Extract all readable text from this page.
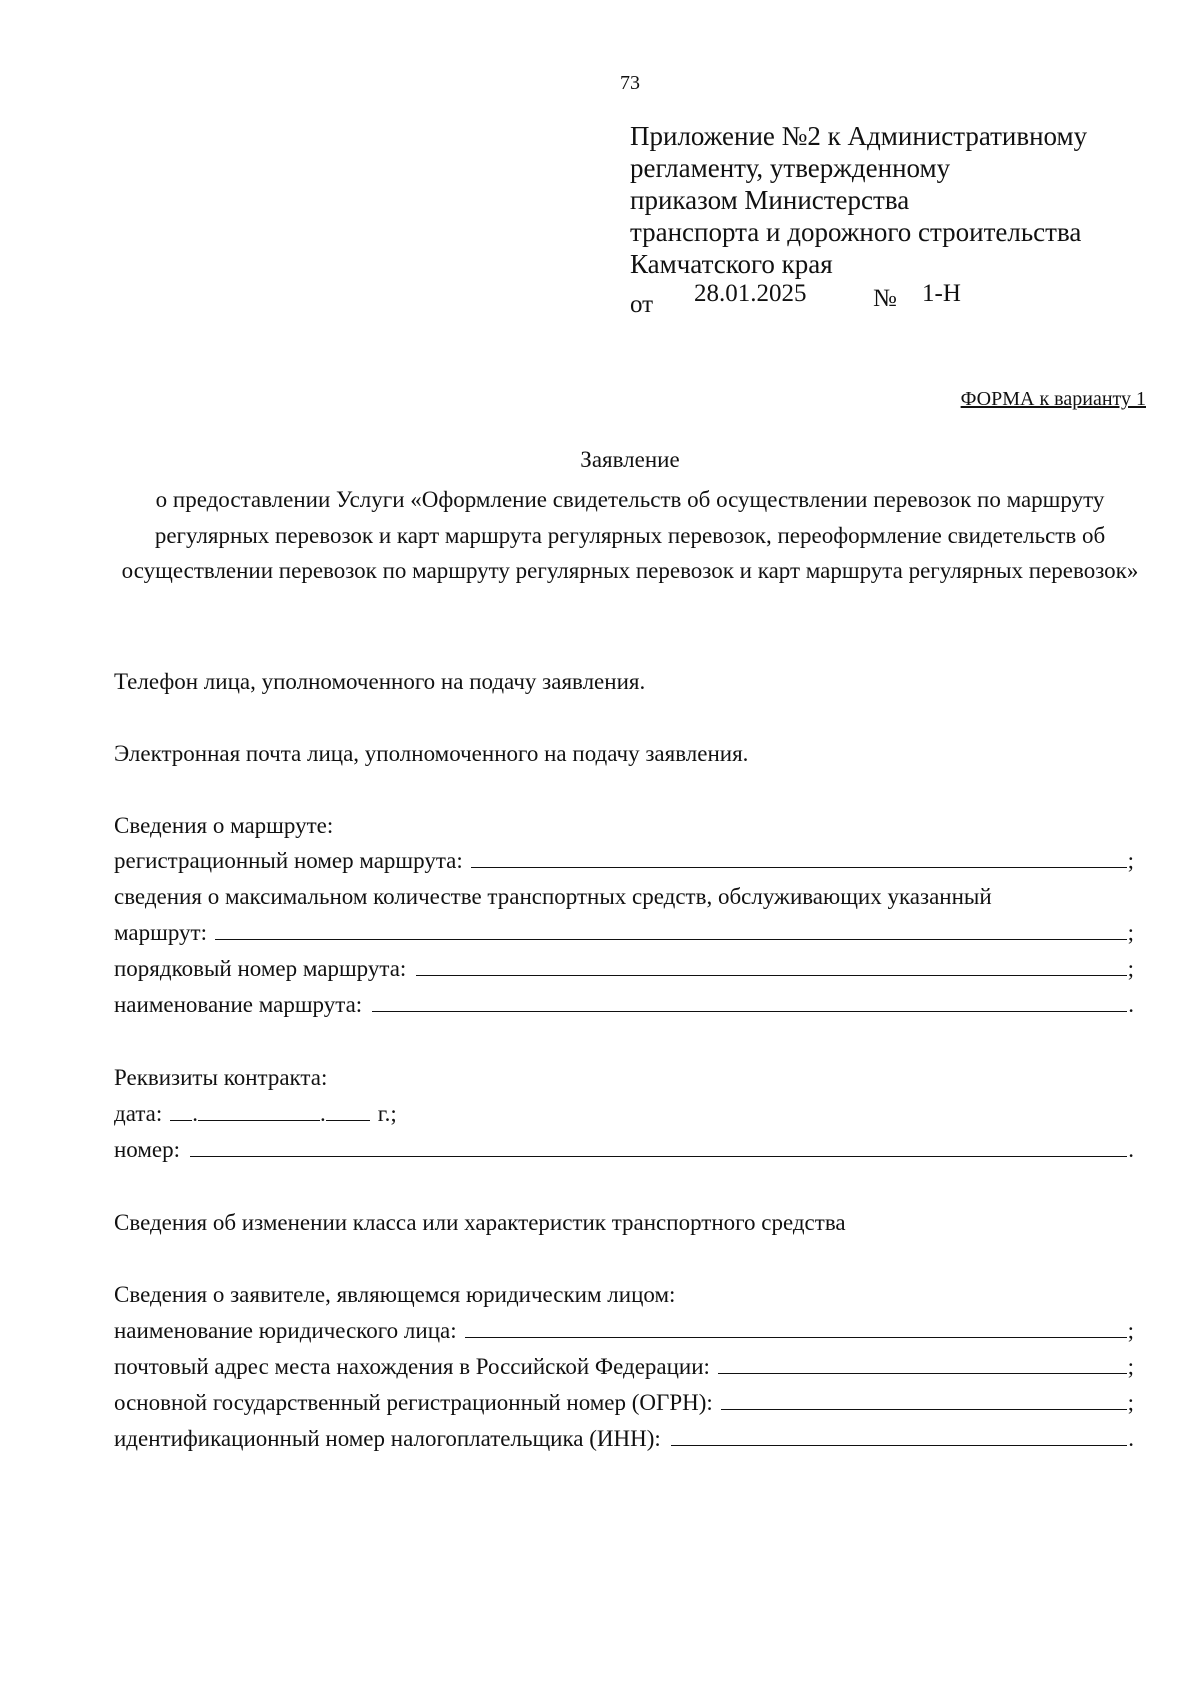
73
Приложение №2 к Административному
регламенту, утвержденному
приказом Министерства
транспорта и дорожного строительства
Камчатского края
от 28.01.2025	№ 1-Н
ФОРМА к варианту 1
Заявление
о предоставлении Услуги «Оформление свидетельств об осуществлении перевозок по маршруту регулярных перевозок и карт маршрута регулярных перевозок, переоформление свидетельств об осуществлении перевозок по маршруту регулярных перевозок и карт маршрута регулярных перевозок»
Телефон лица, уполномоченного на подачу заявления.
Электронная почта лица, уполномоченного на подачу заявления.
Сведения о маршруте:
регистрационный номер маршрута:	;
сведения о максимальном количестве транспортных средств, обслуживающих указанный
маршрут:	;
порядковый номер маршрута:	;
наименование маршрута:	.
Реквизиты контракта:
дата: .	. г.;
номер:	.
Сведения об изменении класса или характеристик транспортного средства
Сведения о заявителе, являющемся юридическим лицом:
наименование юридического лица:	;
почтовый адрес места нахождения в Российской Федерации:	;
основной государственный регистрационный номер (ОГРН):	;
идентификационный номер налогоплательщика (ИНН):	.
